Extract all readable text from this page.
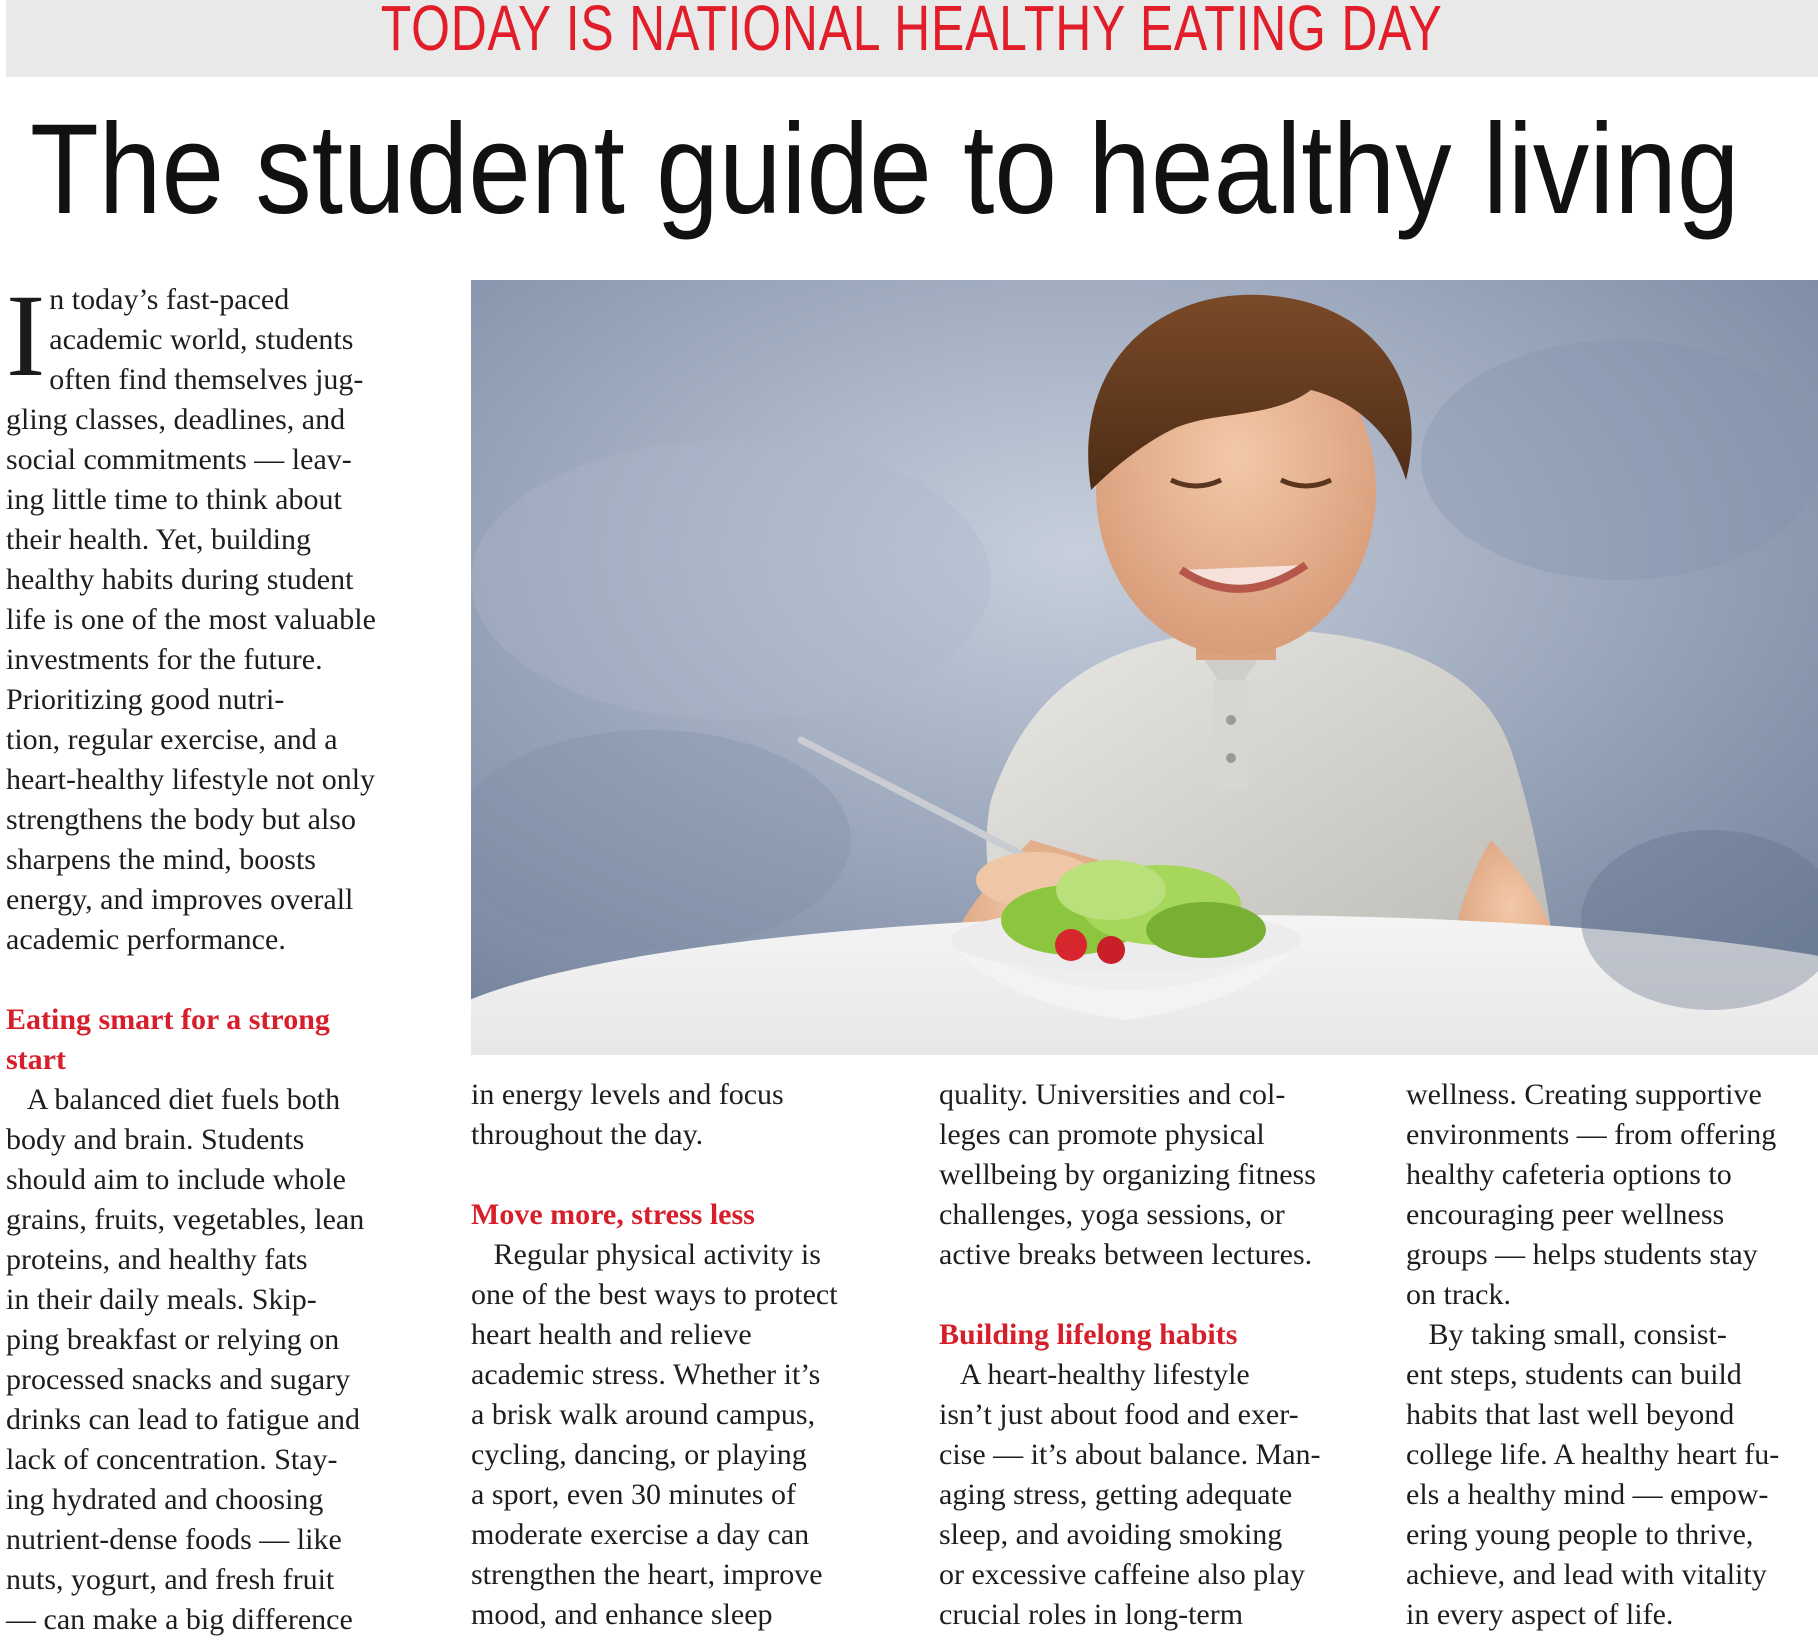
TODAY IS NATIONAL HEALTHY EATING DAY
The student guide to healthy living
I n today’s fast-paced
academic world, students
often find themselves jug-
gling classes, deadlines, and
social commitments — leav-
ing little time to think about
their health. Yet, building
healthy habits during student
life is one of the most valuable
investments for the future.
Prioritizing good nutri-
tion, regular exercise, and a
heart-healthy lifestyle not only
strengthens the body but also
sharpens the mind, boosts
energy, and improves overall
academic performance.
Eating smart for a strong
start
A balanced diet fuels both
body and brain. Students
should aim to include whole
grains, fruits, vegetables, lean
proteins, and healthy fats
in their daily meals. Skip-
ping breakfast or relying on
processed snacks and sugary
drinks can lead to fatigue and
lack of concentration. Stay-
ing hydrated and choosing
nutrient-dense foods — like
nuts, yogurt, and fresh fruit
— can make a big difference
in energy levels and focus
throughout the day.
Move more, stress less
Regular physical activity is
one of the best ways to protect
heart health and relieve
academic stress. Whether it’s
a brisk walk around campus,
cycling, dancing, or playing
a sport, even 30 minutes of
moderate exercise a day can
strengthen the heart, improve
mood, and enhance sleep
quality. Universities and col-
leges can promote physical
wellbeing by organizing fitness
challenges, yoga sessions, or
active breaks between lectures.
Building lifelong habits
A heart-healthy lifestyle
isn’t just about food and exer-
cise — it’s about balance. Man-
aging stress, getting adequate
sleep, and avoiding smoking
or excessive caffeine also play
crucial roles in long-term
wellness. Creating supportive
environments — from offering
healthy cafeteria options to
encouraging peer wellness
groups — helps students stay
on track.
By taking small, consist-
ent steps, students can build
habits that last well beyond
college life. A healthy heart fu-
els a healthy mind — empow-
ering young people to thrive,
achieve, and lead with vitality
in every aspect of life.
